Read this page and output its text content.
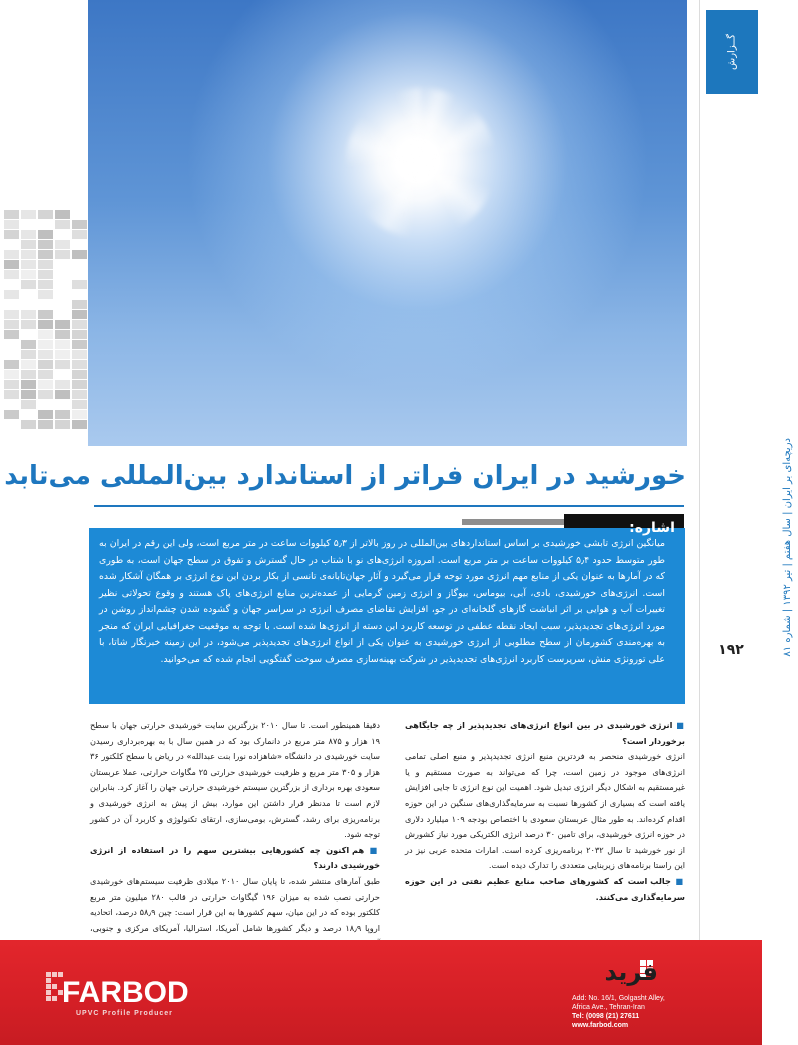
گــزارش
دریچه‌ای بر ایران | سال هفتم | تیر ۱۳۹۲ | شماره ۸۱
۱۹۲
خورشید در ایران فراتر از استاندارد بین‌المللی می‌تابد
میانگین انرژی تابشی خورشیدی بر اساس استانداردهای بین‌المللی در روز بالاتر از ۵٫۳ کیلووات ساعت در متر مربع است، ولی این رقم در ایران به طور متوسط حدود ۵٫۴ کیلووات ساعت بر متر مربع است. امروزه انرژی‌های نو با شتاب در حال گسترش و تفوق در سطح جهان است، به طوری که در آمارها به عنوان یکی از منابع مهم انرژی مورد توجه قرار می‌گیرد و آثار جهان‌تابانه‌ی تانسی از بکار بردن این نوع انرژی بر همگان آشکار شده است. انرژی‌های خورشیدی، بادی، آبی، بیوماس، بیوگاز و انرژی زمین گرمایی از عمده‌ترین منابع انرژی‌های پاک هستند و وقوع تحولاتی نظیر تغییرات آب و هوایی بر اثر انباشت گازهای گلخانه‌ای در جو، افزایش تقاضای مصرف انرژی در سراسر جهان و گشوده شدن چشم‌انداز روشن در مورد انرژی‌های تجدیدپذیر، سبب ایجاد نقطه عطفی در توسعه کاربرد این دسته از انرژی‌ها شده است. با توجه به موقعیت جغرافیایی ایران که منجر به بهره‌مندی کشورمان از سطح مطلوبی از انرژی خورشیدی به عنوان یکی از انواع انرژی‌های تجدیدپذیر می‌شود، در این زمینه خبرنگار شاتا، با علی تورونژی منش، سرپرست کاربرد انرژی‌های تجدیدپذیر در شرکت بهینه‌سازی مصرف سوخت گفتگویی انجام شده که می‌خوانید.
اشاره:

■ انرژی خورشیدی در بین انواع انرژی‌های تجدیدپذیر از چه جایگاهی برخوردار است؟

انرژی خورشیدی منحصر به فردترین منبع انرژی تجدیدپذیر و منبع اصلی تمامی انرژی‌های موجود در زمین است، چرا که می‌تواند به صورت مستقیم و یا غیرمستقیم به اشکال دیگر انرژی تبدیل شود. اهمیت این نوع انرژی تا جایی افزایش یافته است که بسیاری از کشورها نسبت به سرمایه‌گذاری‌های سنگین در این حوزه اقدام کرده‌اند. به طور مثال عربستان سعودی با اختصاص بودجه ۱۰۹ میلیارد دلاری در حوزه انرژی خورشیدی، برای تامین ۳۰ درصد انرژی الکتریکی مورد نیاز کشورش از نور خورشید تا سال ۲۰۳۲ برنامه‌ریزی کرده است. امارات متحده عربی نیز در این راستا برنامه‌های زیربنایی متعددی را تدارک دیده است.

■ جالب است که کشورهای صاحب منابع عظیم نفتی در این حوزه سرمایه‌گذاری می‌کنند.

دقیقا همینطور است. تا سال ۲۰۱۰ بزرگترین سایت خورشیدی حرارتی جهان با سطح ۱۹ هزار و ۸۷۵ متر مربع در دانمارک بود که در همین سال با به بهره‌برداری رسیدن سایت خورشیدی در دانشگاه «شاهزاده نورا بنت عبدالله» در ریاض با سطح کلکتور ۳۶ هزار و ۳۰۵ متر مربع و ظرفیت خورشیدی حرارتی ۲۵ مگاوات حرارتی، عملا عربستان سعودی بهره برداری از بزرگترین سیستم خورشیدی حرارتی جهان را آغاز کرد. بنابراین لازم است تا مدنظر قرار داشتن این موارد، بیش از پیش به انرژی خورشیدی و برنامه‌ریزی برای رشد، گسترش، بومی‌سازی، ارتقای تکنولوژی و کاربرد آن در کشور توجه شود.

■ هم اکنون چه کشورهایی بیشترین سهم را در استفاده از انرژی خورشیدی دارند؟

طبق آمارهای منتشر شده، تا پایان سال ۲۰۱۰ میلادی ظرفیت سیستم‌های خورشیدی حرارتی نصب شده به میزان ۱۹۶ گیگاوات حرارتی در قالب ۲۸۰ میلیون متر مربع کلکتور بوده که در این میان، سهم کشورها به این قرار است: چین ۵۸٫۹ درصد، اتحادیه اروپا ۱۸٫۹ درصد و دیگر کشورها شامل آمریکا، استرالیا، آمریکای مرکزی و جنوبی،

FARBOD
UPVC Profile Producer
فرید
Add: No. 16/1, Golgasht Alley,
Africa Ave., Tehran-Iran
Tel: (0098 (21) 27611
www.farbod.com
